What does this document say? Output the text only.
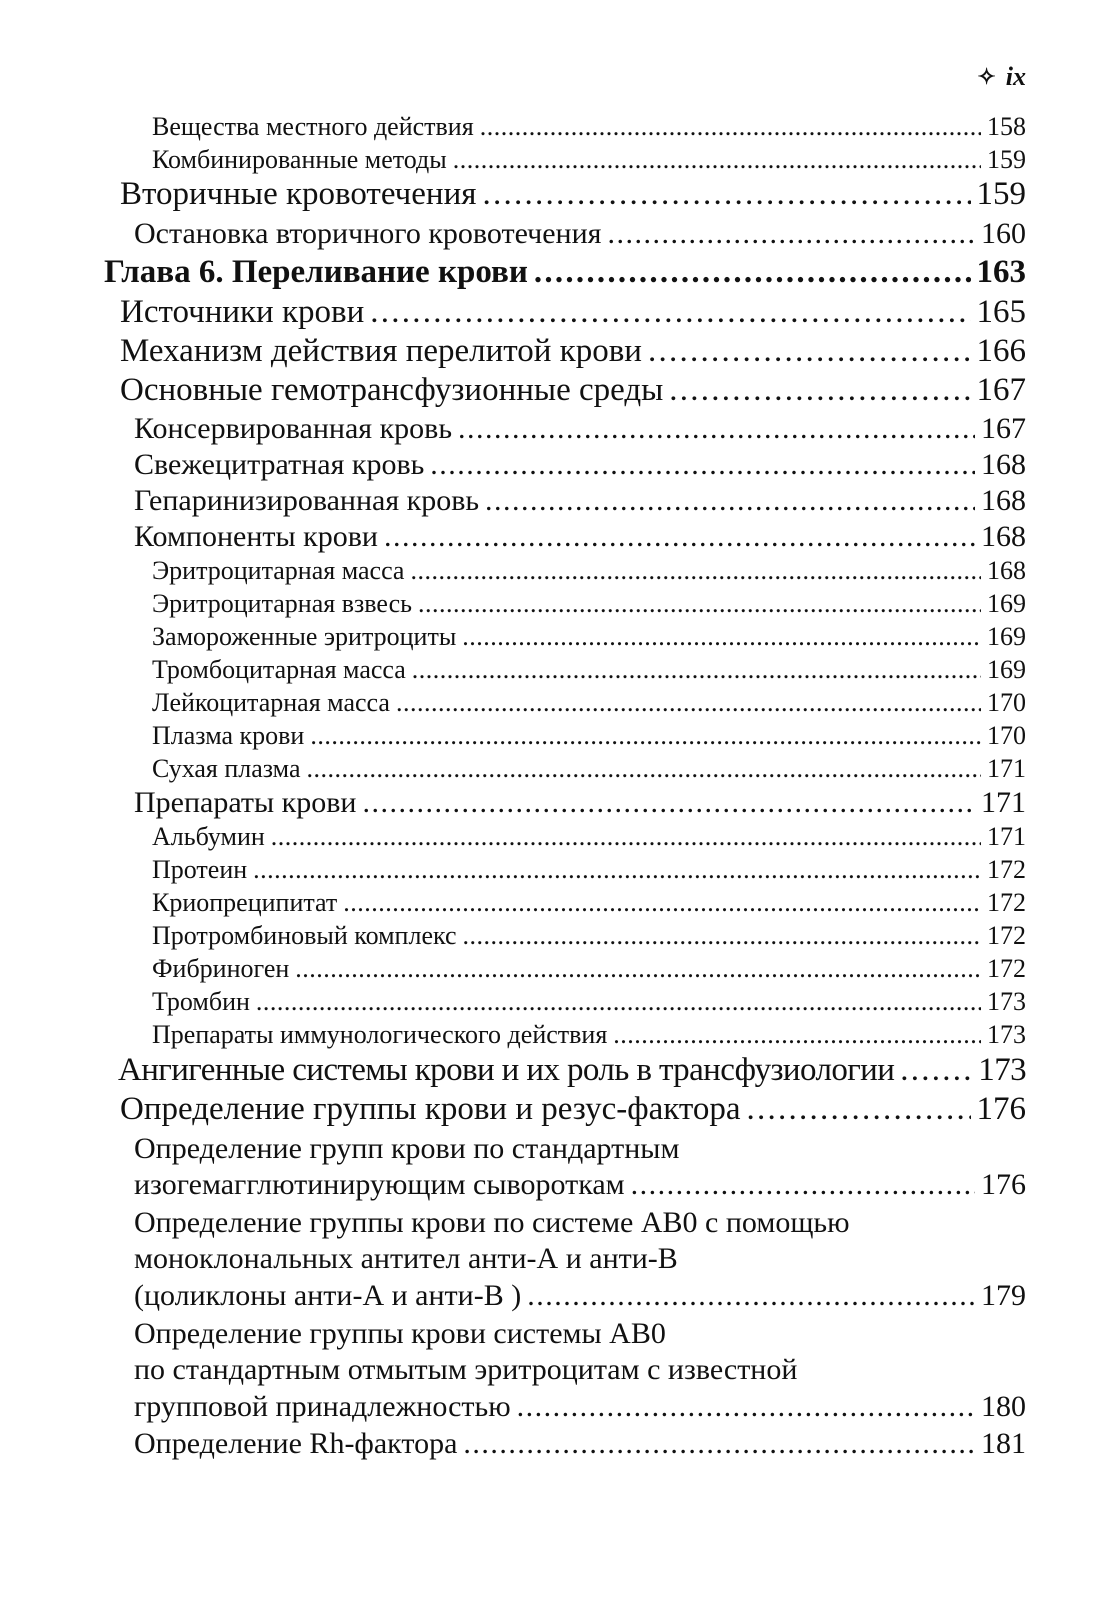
✧ ix
Вещества местного действия . . .	158
Комбинированные методы . . .	159
Вторичные кровотечения . . .	159
Остановка вторичного кровотечения . . .	160
Глава 6. Переливание крови . . .	163
Источники крови . . .	165
Механизм действия перелитой крови . . .	166
Основные гемотрансфузионные среды . . .	167
Консервированная кровь . . .	167
Свежецитратная кровь . . .	168
Гепаринизированная кровь . . .	168
Компоненты крови . . .	168
Эритроцитарная масса . . .	168
Эритроцитарная взвесь . . .	169
Замороженные эритроциты . . .	169
Тромбоцитарная масса . . .	169
Лейкоцитарная масса . . .	170
Плазма крови . . .	170
Сухая плазма . . .	171
Препараты крови . . .	171
Альбумин . . .	171
Протеин . . .	172
Криопреципитат . . .	172
Протромбиновый комплекс . . .	172
Фибриноген . . .	172
Тромбин . . .	173
Препараты иммунологического действия . . .	173
Ангигенные системы крови и их роль в трансфузиологии . . .	173
Определение группы крови и резус-фактора . . .	176
Определение групп крови по стандартным
изогемагглютинирующим сывороткам . . .	176
Определение группы крови по системе АВ0 с помощью
моноклональных антител анти-А и анти-В
(цоликлоны анти-А и анти-В ) . . .	179
Определение группы крови системы АВ0
по стандартным отмытым эритроцитам с известной
групповой принадлежностью . . .	180
Определение Rh-фактора . . .	181
